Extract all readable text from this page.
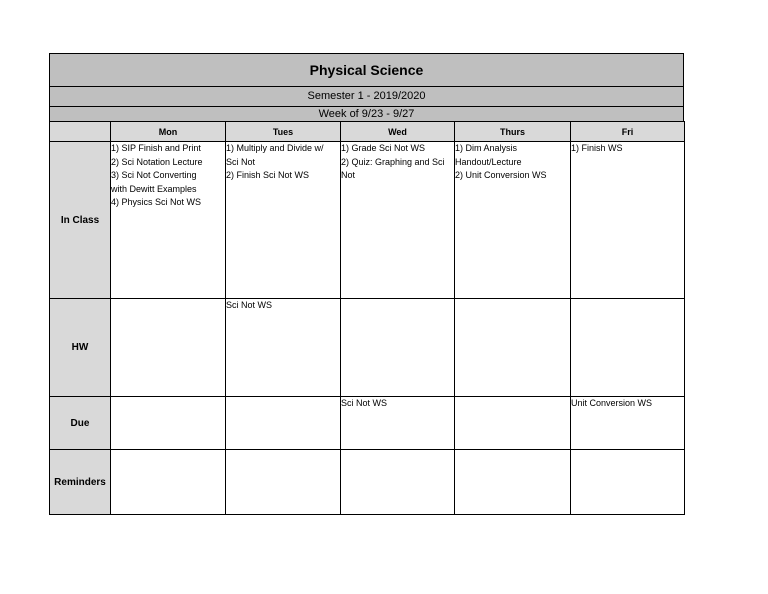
Physical Science
Semester 1 - 2019/2020
Week of 9/23 - 9/27
	Mon	Tues	Wed	Thurs	Fri
In Class	1) SIP Finish and Print
2) Sci Notation Lecture
3) Sci Not Converting
with Dewitt Examples
4) Physics Sci Not WS	1) Multiply and Divide w/
Sci Not
2) Finish Sci Not WS	1) Grade Sci Not WS
2) Quiz: Graphing and Sci
Not	1) Dim Analysis
Handout/Lecture
2) Unit Conversion WS	1) Finish WS

HW		Sci Not WS			

Due			Sci Not WS		Unit Conversion WS

Reminders					
